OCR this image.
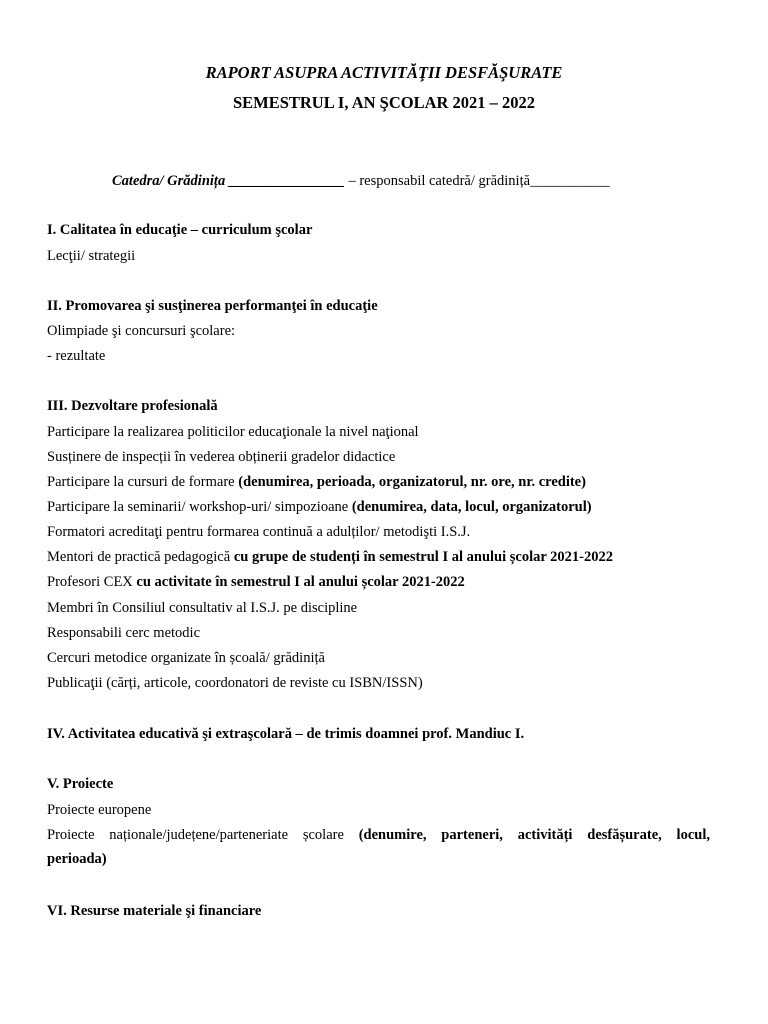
RAPORT ASUPRA ACTIVITĂŢII DESFĂŞURATE
SEMESTRUL I, AN ŞCOLAR 2021 – 2022
Catedra/ Grădinița ________________ – responsabil catedră/ grădiniță___________
I. Calitatea în educaţie – curriculum şcolar
Lecţii/ strategii
II. Promovarea şi susţinerea performanţei în educaţie
Olimpiade şi concursuri şcolare:
- rezultate
III. Dezvoltare profesională
Participare la realizarea politicilor educaţionale la nivel naţional
Susținere de inspecții în vederea obținerii gradelor didactice
Participare la cursuri de formare (denumirea, perioada, organizatorul, nr. ore, nr. credite)
Participare la seminarii/ workshop-uri/ simpozioane (denumirea, data, locul, organizatorul)
Formatori acreditaţi pentru formarea continuă a adulților/ metodişti I.S.J.
Mentori de practică pedagogică cu grupe de studenți în semestrul I al anului școlar 2021-2022
Profesori CEX cu activitate în semestrul I al anului școlar 2021-2022
Membri în Consiliul consultativ al I.S.J. pe discipline
Responsabili cerc metodic
Cercuri metodice organizate în școală/ grădiniță
Publicaţii (cărți, articole, coordonatori de reviste cu ISBN/ISSN)
IV. Activitatea educativă şi extraşcolară – de trimis doamnei prof. Mandiuc I.
V. Proiecte
Proiecte europene
Proiecte naționale/județene/parteneriate școlare (denumire, parteneri, activități desfășurate, locul,
perioada)
VI. Resurse materiale şi financiare
